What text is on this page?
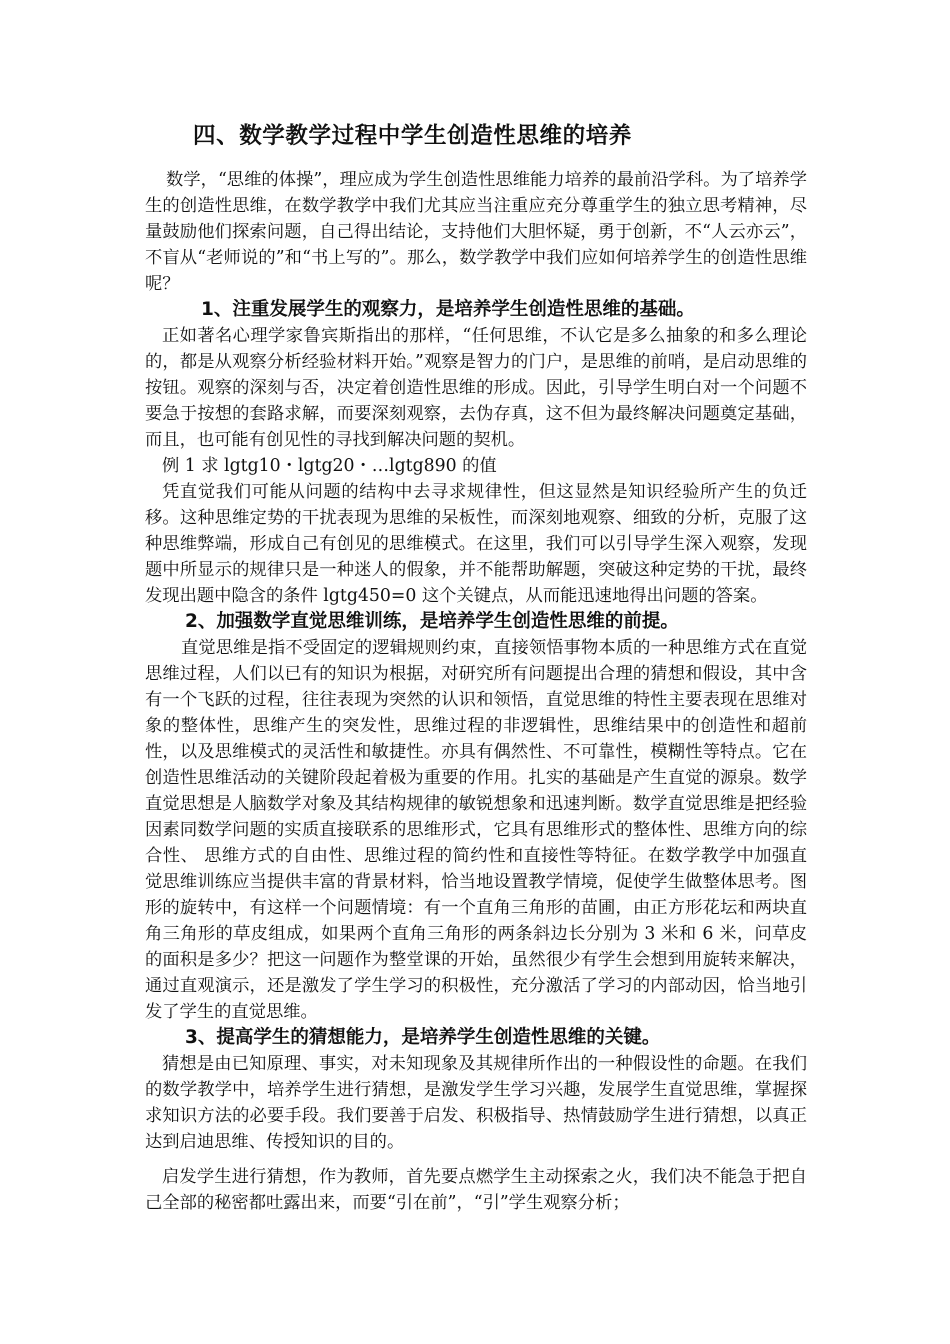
四、数学教学过程中学生创造性思维的培养

数学，“思维的体操”，理应成为学生创造性思维能力培养的最前沿学科。为了培养学生的创造性思维，在数学教学中我们尤其应当注重应充分尊重学生的独立思考精神，尽量鼓励他们探索问题，自己得出结论，支持他们大胆怀疑，勇于创新，不“人云亦云”，不盲从“老师说的”和“书上写的”。那么，数学教学中我们应如何培养学生的创造性思维呢？

1、注重发展学生的观察力，是培养学生创造性思维的基础。

正如著名心理学家鲁宾斯指出的那样，“任何思维，不认它是多么抽象的和多么理论的，都是从观察分析经验材料开始。”观察是智力的门户，是思维的前哨，是启动思维的按钮。观察的深刻与否，决定着创造性思维的形成。因此，引导学生明白对一个问题不要急于按想的套路求解，而要深刻观察，去伪存真，这不但为最终解决问题奠定基础，而且，也可能有创见性的寻找到解决问题的契机。

例 1 求 lgtg10・lgtg20・…lgtg890 的值

凭直觉我们可能从问题的结构中去寻求规律性，但这显然是知识经验所产生的负迁移。这种思维定势的干扰表现为思维的呆板性，而深刻地观察、细致的分析，克服了这种思维弊端，形成自己有创见的思维模式。在这里，我们可以引导学生深入观察，发现题中所显示的规律只是一种迷人的假象，并不能帮助解题，突破这种定势的干扰，最终发现出题中隐含的条件 lgtg450=0 这个关键点，从而能迅速地得出问题的答案。

2、加强数学直觉思维训练，是培养学生创造性思维的前提。

直觉思维是指不受固定的逻辑规则约束，直接领悟事物本质的一种思维方式在直觉思维过程，人们以已有的知识为根据，对研究所有问题提出合理的猜想和假设，其中含有一个飞跃的过程，往往表现为突然的认识和领悟，直觉思维的特性主要表现在思维对象的整体性，思维产生的突发性，思维过程的非逻辑性，思维结果中的创造性和超前性，以及思维模式的灵活性和敏捷性。亦具有偶然性、不可靠性，模糊性等特点。它在创造性思维活动的关键阶段起着极为重要的作用。扎实的基础是产生直觉的源泉。数学直觉思想是人脑数学对象及其结构规律的敏锐想象和迅速判断。数学直觉思维是把经验因素同数学问题的实质直接联系的思维形式，它具有思维形式的整体性、思维方向的综合性、 思维方式的自由性、思维过程的简约性和直接性等特征。在数学教学中加强直觉思维训练应当提供丰富的背景材料，恰当地设置教学情境，促使学生做整体思考。图形的旋转中，有这样一个问题情境：有一个直角三角形的苗圃，由正方形花坛和两块直角三角形的草皮组成，如果两个直角三角形的两条斜边长分别为 3 米和 6 米，问草皮的面积是多少？把这一问题作为整堂课的开始，虽然很少有学生会想到用旋转来解决，通过直观演示，还是激发了学生学习的积极性，充分激活了学习的内部动因，恰当地引发了学生的直觉思维。

3、提高学生的猜想能力，是培养学生创造性思维的关键。

猜想是由已知原理、事实，对未知现象及其规律所作出的一种假设性的命题。在我们的数学教学中，培养学生进行猜想，是激发学生学习兴趣，发展学生直觉思维，掌握探求知识方法的必要手段。我们要善于启发、积极指导、热情鼓励学生进行猜想，以真正达到启迪思维、传授知识的目的。

启发学生进行猜想，作为教师，首先要点燃学生主动探索之火，我们决不能急于把自己全部的秘密都吐露出来，而要“引在前”，“引”学生观察分析；
